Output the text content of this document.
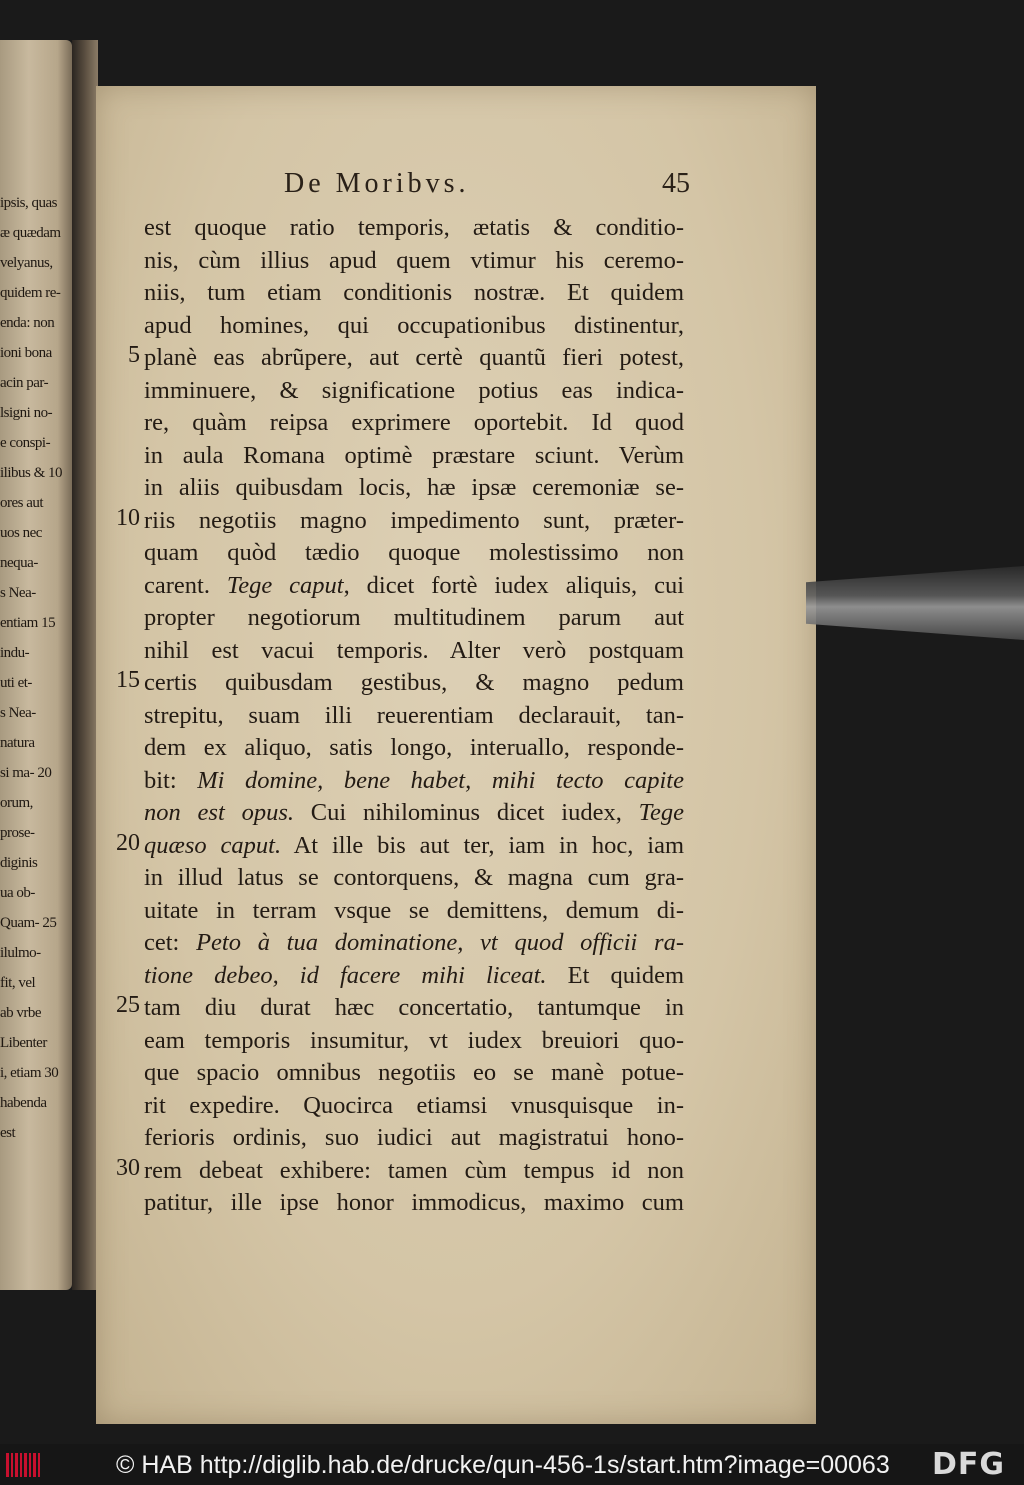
ipsis, quas
æ quædam
velyanus,
quidem re-
enda: non
ioni bona
acin par-
lsigni no-
e conspi-
ilibus & 10
ores aut
uos nec
nequa-
s Nea-
entiam 15
indu-
uti et-
s Nea-
natura
si ma- 20
orum,
prose-
diginis
ua ob-
Quam- 25
ilulmo-
fit, vel
ab vrbe
Libenter
i, etiam 30
habenda
est
De Moribvs.	45
est quoque ratio temporis, ætatis & conditio-
nis, cùm illius apud quem vtimur his ceremo-
niis, tum etiam conditionis nostræ. Et quidem
apud homines, qui occupationibus distinentur,
planè eas abrũpere, aut certè quantũ fieri potest,
imminuere, & significatione potius eas indica-
re, quàm reipsa exprimere oportebit. Id quod
in aula Romana optimè præstare sciunt. Verùm
in aliis quibusdam locis, hæ ipsæ ceremoniæ se-
riis negotiis magno impedimento sunt, præter-
quam quòd tædio quoque molestissimo non
carent. Tege caput, dicet fortè iudex aliquis, cui
propter negotiorum multitudinem parum aut
nihil est vacui temporis. Alter verò postquam
certis quibusdam gestibus, & magno pedum
strepitu, suam illi reuerentiam declarauit, tan-
dem ex aliquo, satis longo, interuallo, responde-
bit: Mi domine, bene habet, mihi tecto capite
non est opus. Cui nihilominus dicet iudex, Tege
quæso caput. At ille bis aut ter, iam in hoc, iam
in illud latus se contorquens, & magna cum gra-
uitate in terram vsque se demittens, demum di-
cet: Peto à tua dominatione, vt quod officii ra-
tione debeo, id facere mihi liceat. Et quidem
tam diu durat hæc concertatio, tantumque in
eam temporis insumitur, vt iudex breuiori quo-
que spacio omnibus negotiis eo se manè potue-
rit expedire. Quocirca etiamsi vnusquisque in-
ferioris ordinis, suo iudici aut magistratui hono-
rem debeat exhibere: tamen cùm tempus id non
patitur, ille ipse honor immodicus, maximo cum
5
10
15
20
25
30
© HAB http://diglib.hab.de/drucke/qun-456-1s/start.htm?image=00063	DFG
